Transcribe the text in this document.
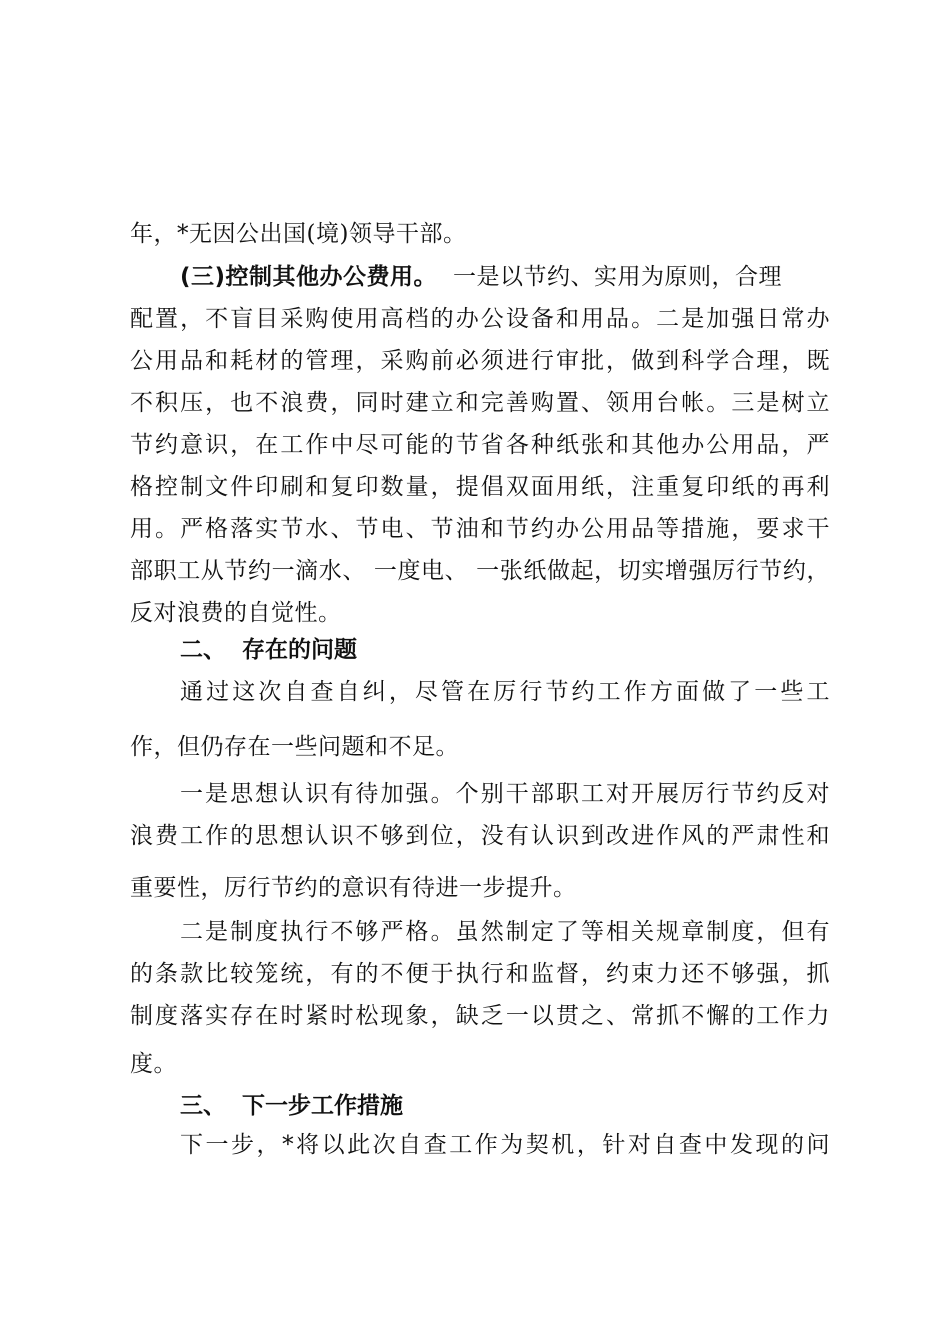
年，*无因公出国(境)领导干部。
(三)控制其他办公费用。 一是以节约、实用为原则，合理
配置，不盲目采购使用高档的办公设备和用品。二是加强日常办
公用品和耗材的管理，采购前必须进行审批，做到科学合理，既
不积压，也不浪费，同时建立和完善购置、领用台帐。三是树立
节约意识，在工作中尽可能的节省各种纸张和其他办公用品，严
格控制文件印刷和复印数量，提倡双面用纸，注重复印纸的再利
用。严格落实节水、节电、节油和节约办公用品等措施，要求干
部职工从节约一滴水、 一度电、 一张纸做起，切实增强厉行节约，
反对浪费的自觉性。
二、 存在的问题
通过这次自查自纠，尽管在厉行节约工作方面做了一些工
作，但仍存在一些问题和不足。
一是思想认识有待加强。个别干部职工对开展厉行节约反对
浪费工作的思想认识不够到位，没有认识到改进作风的严肃性和
重要性，厉行节约的意识有待进一步提升。
二是制度执行不够严格。虽然制定了等相关规章制度，但有
的条款比较笼统，有的不便于执行和监督，约束力还不够强，抓
制度落实存在时紧时松现象，缺乏一以贯之、常抓不懈的工作力
度。
三、 下一步工作措施
下一步，*将以此次自查工作为契机，针对自查中发现的问
